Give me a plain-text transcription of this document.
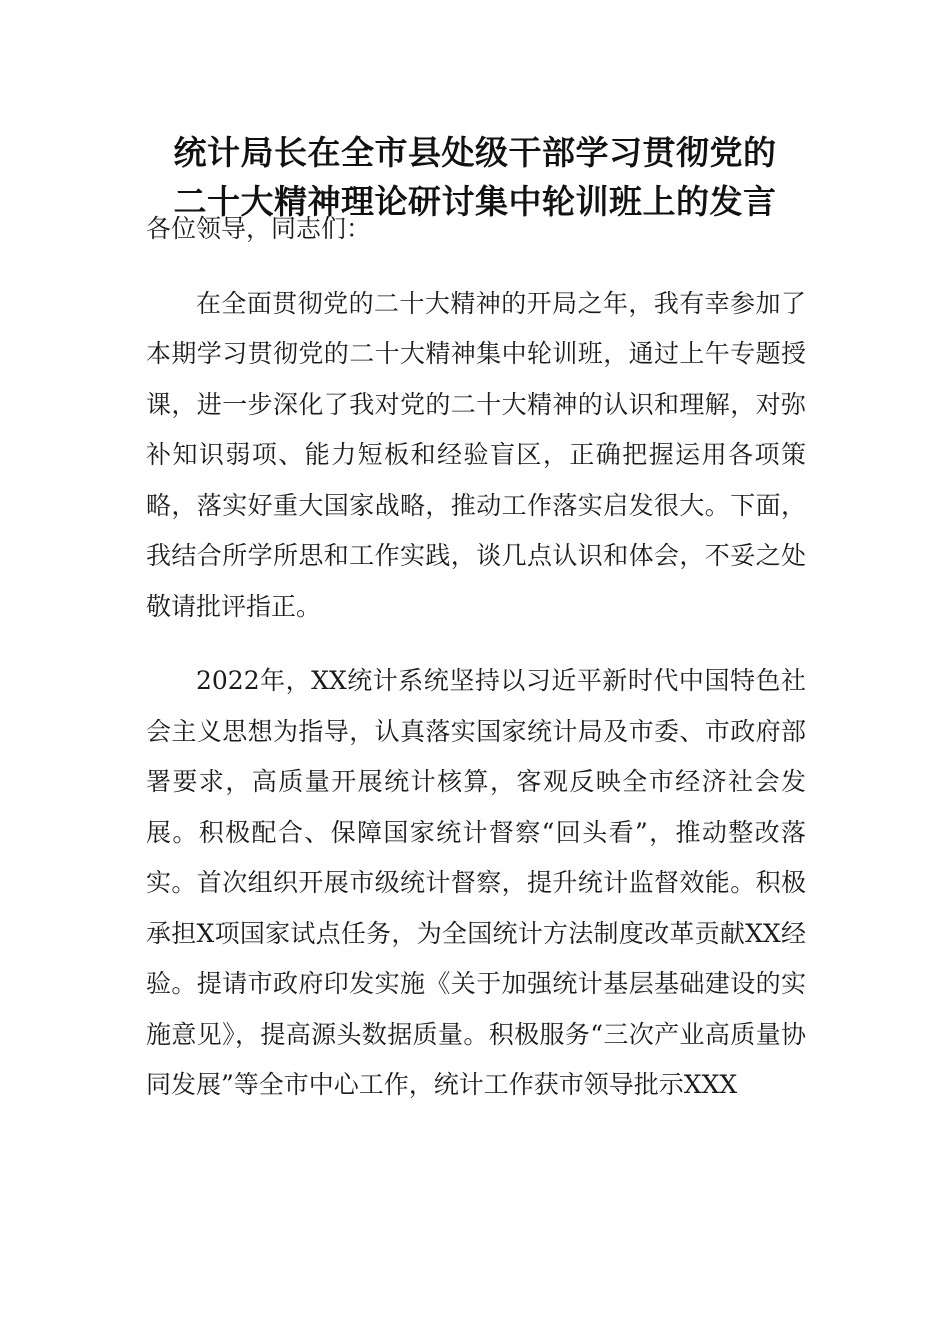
统计局长在全市县处级干部学习贯彻党的
二十大精神理论研讨集中轮训班上的发言

各位领导，同志们：

在全面贯彻党的二十大精神的开局之年，我有幸参加了本期学习贯彻党的二十大精神集中轮训班，通过上午专题授课，进一步深化了我对党的二十大精神的认识和理解，对弥补知识弱项、能力短板和经验盲区，正确把握运用各项策略，落实好重大国家战略，推动工作落实启发很大。下面，我结合所学所思和工作实践，谈几点认识和体会，不妥之处敬请批评指正。

2022年，XX统计系统坚持以习近平新时代中国特色社会主义思想为指导，认真落实国家统计局及市委、市政府部署要求，高质量开展统计核算，客观反映全市经济社会发展。积极配合、保障国家统计督察“回头看”，推动整改落实。首次组织开展市级统计督察，提升统计监督效能。积极承担X项国家试点任务，为全国统计方法制度改革贡献XX经验。提请市政府印发实施《关于加强统计基层基础建设的实施意见》，提高源头数据质量。积极服务“三次产业高质量协同发展”等全市中心工作，统计工作获市领导批示XXX
